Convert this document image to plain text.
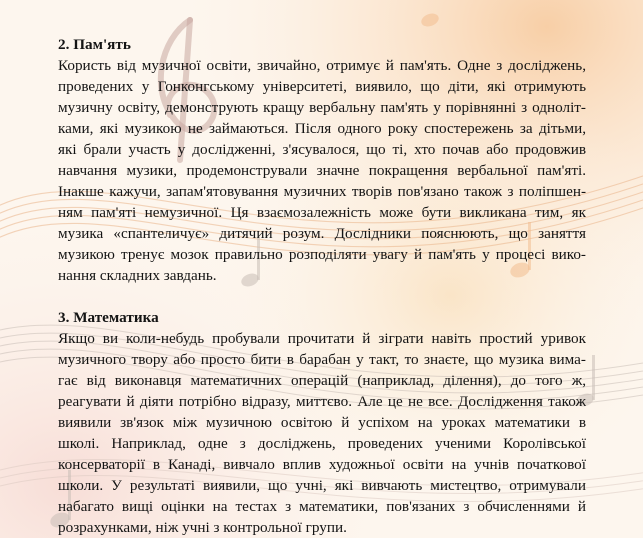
2. Пам'ять
Користь від музичної освіти, звичайно, отримує й пам'ять. Одне з досліджень,
проведених у Гонконгському університеті, виявило, що діти, які отримують
музичну освіту, демонструють кращу вербальну пам'ять у порівнянні з одноліт-
ками, які музикою не займаються. Після одного року спостережень за дітьми,
які брали участь у дослідженні, з'ясувалося, що ті, хто почав або продовжив
навчання музики, продемонстрували значне покращення вербальної пам'яті.
Інакше кажучи, запам'ятовування музичних творів пов'язано також з поліпшен-
ням пам'яті немузичної. Ця взаємозалежність може бути викликана тим, як
музика «спантеличує» дитячий розум. Дослідники пояснюють, що заняття
музикою тренує мозок правильно розподіляти увагу й пам'ять у процесі вико-
нання складних завдань.
3. Математика
Якщо ви коли-небудь пробували прочитати й зіграти навіть простий уривок
музичного твору або просто бити в барабан у такт, то знаєте, що музика вима-
гає від виконавця математичних операцій (наприклад, ділення), до того ж,
реагувати й діяти потрібно відразу, миттєво. Але це не все. Дослідження також
виявили зв'язок між музичною освітою й успіхом на уроках математики в
школі. Наприклад, одне з досліджень, проведених ученими Королівської
консерваторії в Канаді, вивчало вплив художньої освіти на учнів початкової
школи. У результаті виявили, що учні, які вивчають мистецтво, отримували
набагато вищі оцінки на тестах з математики, пов'язаних з обчисленнями й
розрахунками, ніж учні з контрольної групи.
